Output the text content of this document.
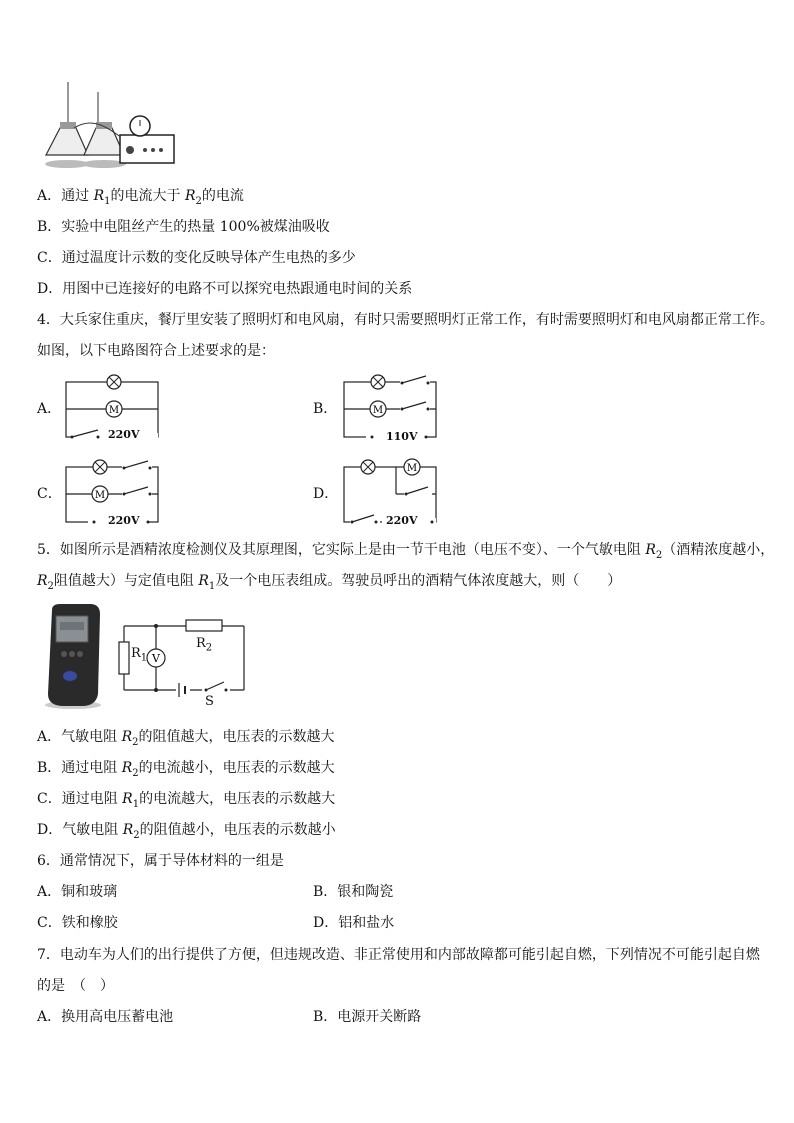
A．通过 $R_1$的电流大于 $R_2$的电流
B．实验中电阻丝产生的热量 100%被煤油吸收
C．通过温度计示数的变化反映导体产生电热的多少
D．用图中已连接好的电路不可以探究电热跟通电时间的关系
4．大兵家住重庆，餐厅里安装了照明灯和电风扇，有时只需要照明灯正常工作，有时需要照明灯和电风扇都正常工作。
如图，以下电路图符合上述要求的是：
A．	M
220V
B．	M
110V
C．	M
220V
D．
M
220V
5．如图所示是酒精浓度检测仪及其原理图，它实际上是由一节干电池（电压不变）、一个气敏电阻 $R_2$（酒精浓度越小，
$R_2$阻值越大）与定值电阻 $R_1$及一个电压表组成。驾驶员呼出的酒精气体浓度越大，则（　　）
V
$R_1$
$R_2$
S
A．气敏电阻 $R_2$的阻值越大，电压表的示数越大
B．通过电阻 $R_2$的电流越小，电压表的示数越大
C．通过电阻 $R_1$的电流越大，电压表的示数越大
D．气敏电阻 $R_2$的阻值越小，电压表的示数越小
6．通常情况下，属于导体材料的一组是
A．铜和玻璃	B．银和陶瓷
C．铁和橡胶	D．铝和盐水
7．电动车为人们的出行提供了方便，但违规改造、非正常使用和内部故障都可能引起自燃，下列情况不可能引起自燃
的是　（　）
A．换用高电压蓄电池	B．电源开关断路
